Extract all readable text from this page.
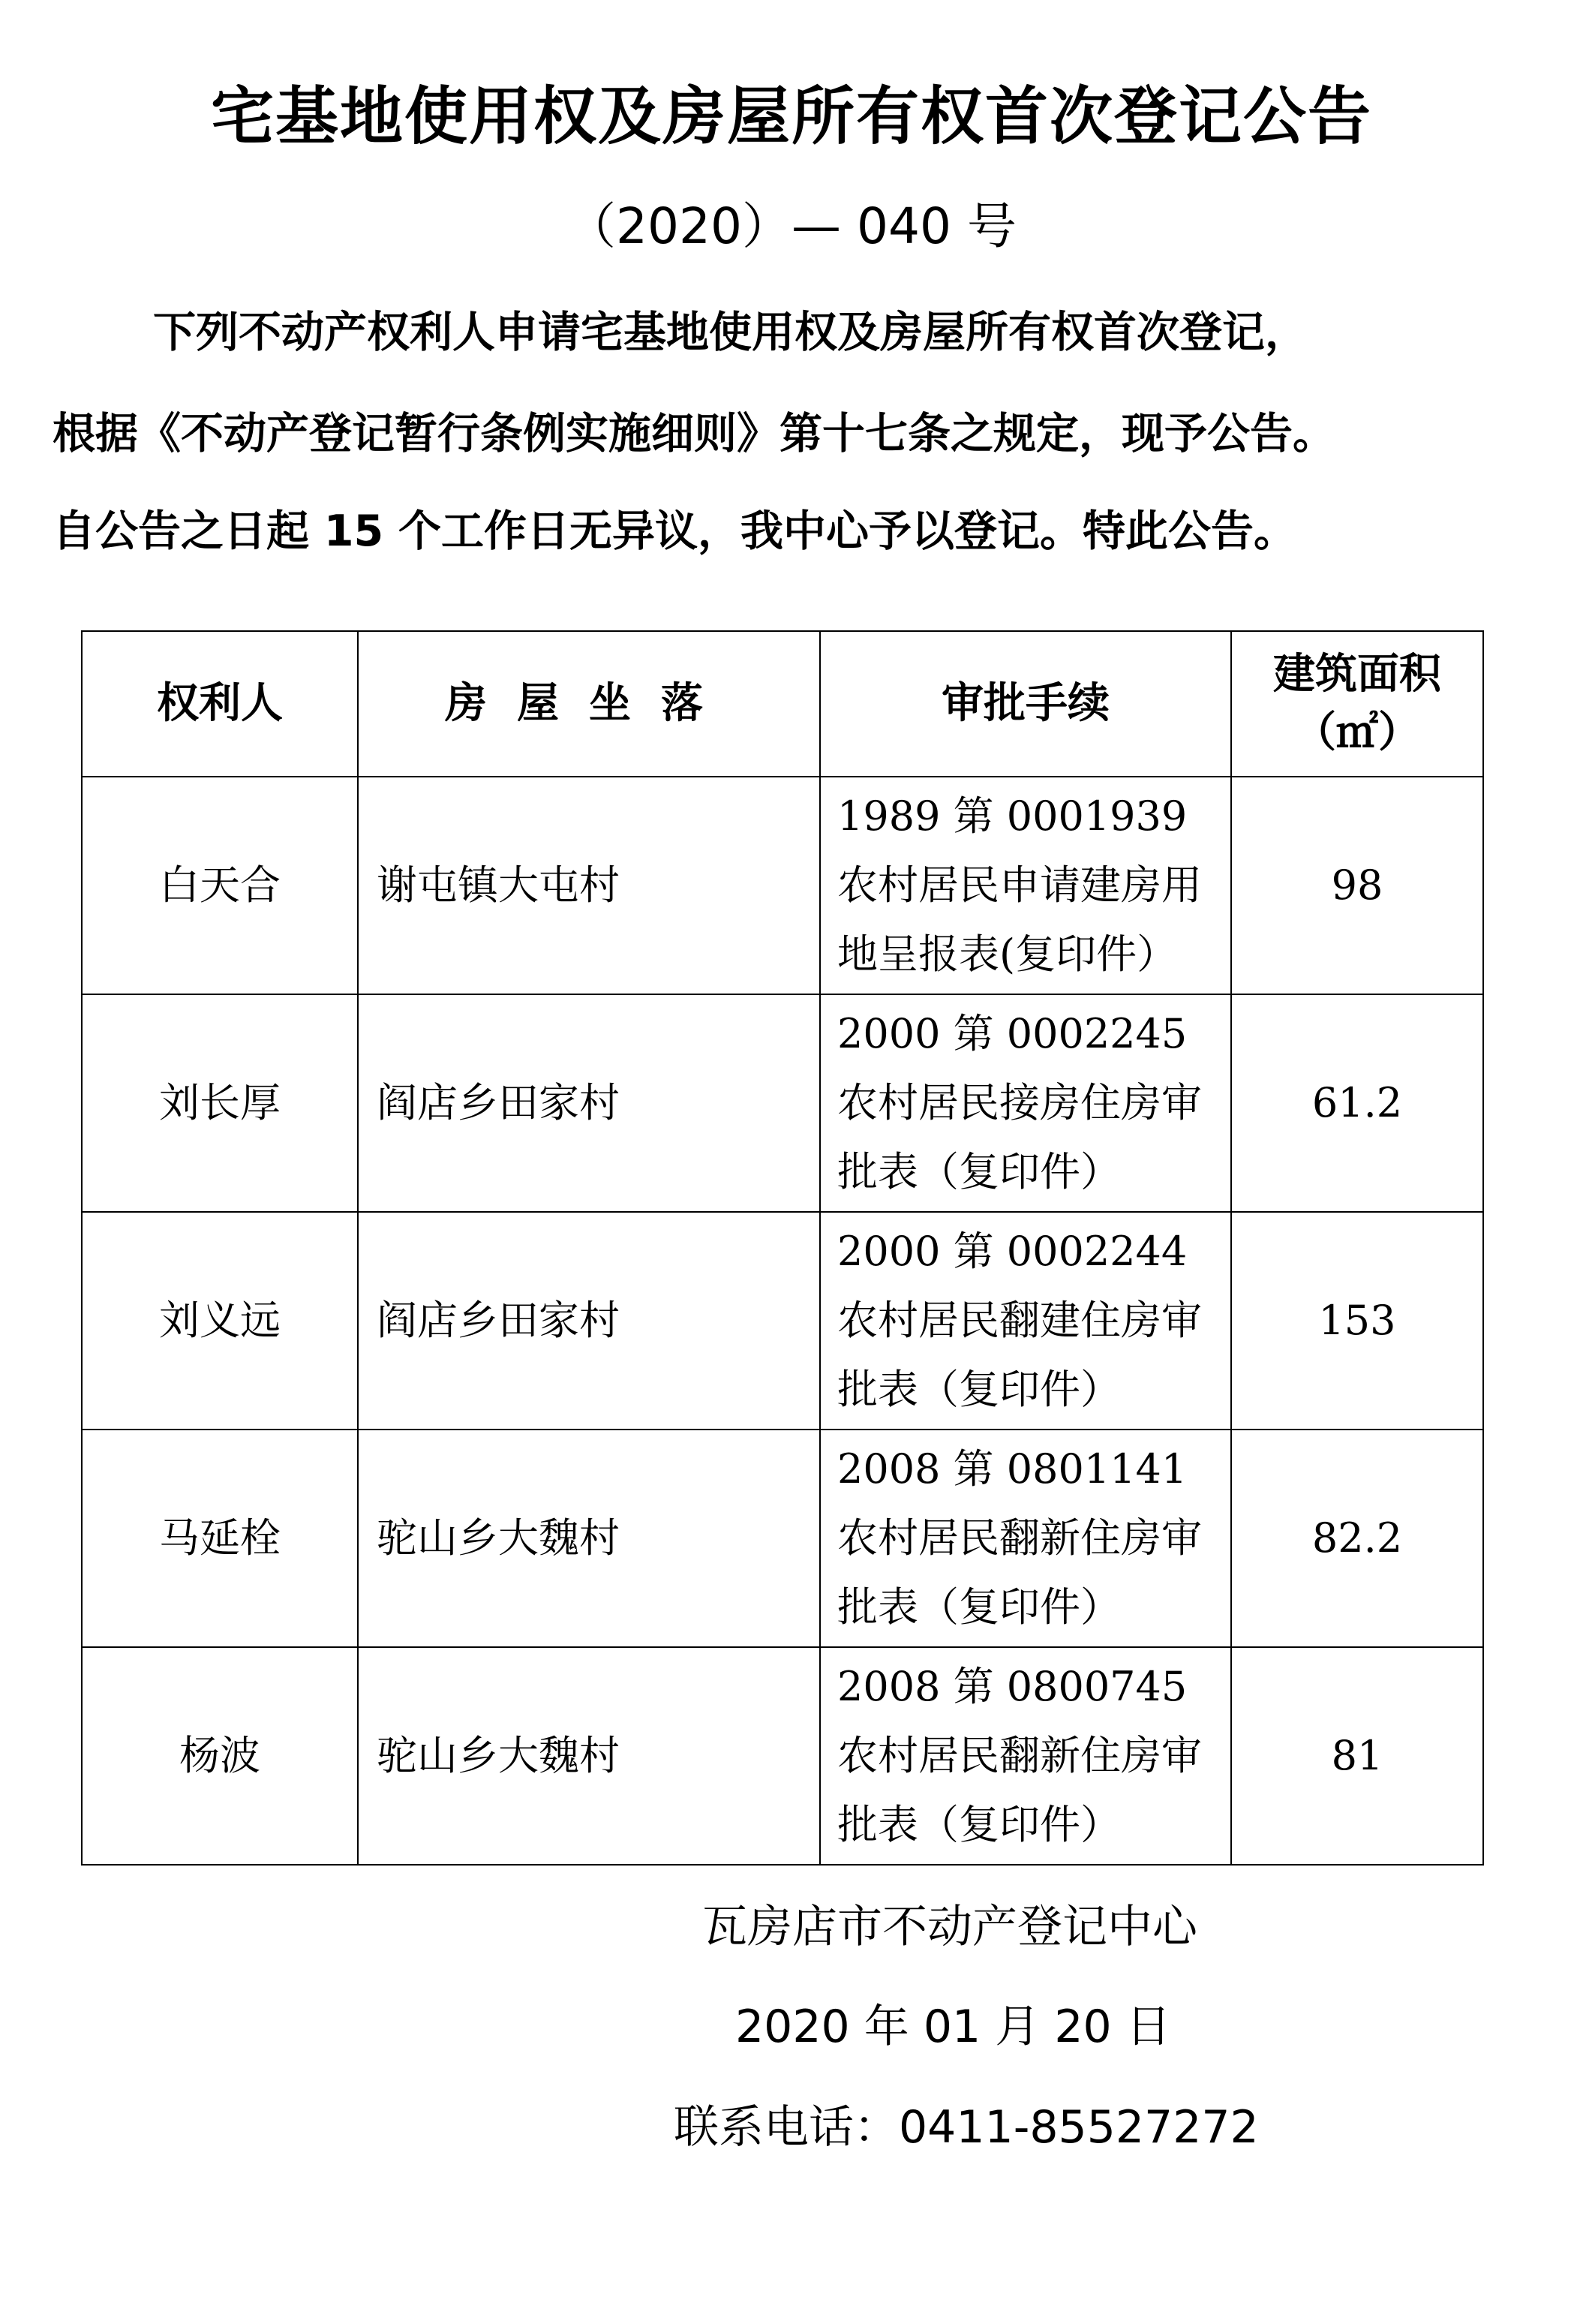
宅基地使用权及房屋所有权首次登记公告
（2020）— 040 号
下列不动产权利人申请宅基地使用权及房屋所有权首次登记，
根据《不动产登记暂行条例实施细则》第十七条之规定，现予公告。
自公告之日起 15 个工作日无异议，我中心予以登记。特此公告。
权利人	房屋坐落	审批手续	建筑面积（㎡）
白天合	谢屯镇大屯村	1989 第 0001939 农村居民申请建房用地呈报表(复印件）	98
刘长厚	阎店乡田家村	2000 第 0002245 农村居民接房住房审批表（复印件）	61.2
刘义远	阎店乡田家村	2000 第 0002244 农村居民翻建住房审批表（复印件）	153
马延栓	驼山乡大魏村	2008 第 0801141 农村居民翻新住房审批表（复印件）	82.2
杨波	驼山乡大魏村	2008 第 0800745 农村居民翻新住房审批表（复印件）	81
瓦房店市不动产登记中心
2020 年 01 月 20 日
联系电话：0411-85527272
